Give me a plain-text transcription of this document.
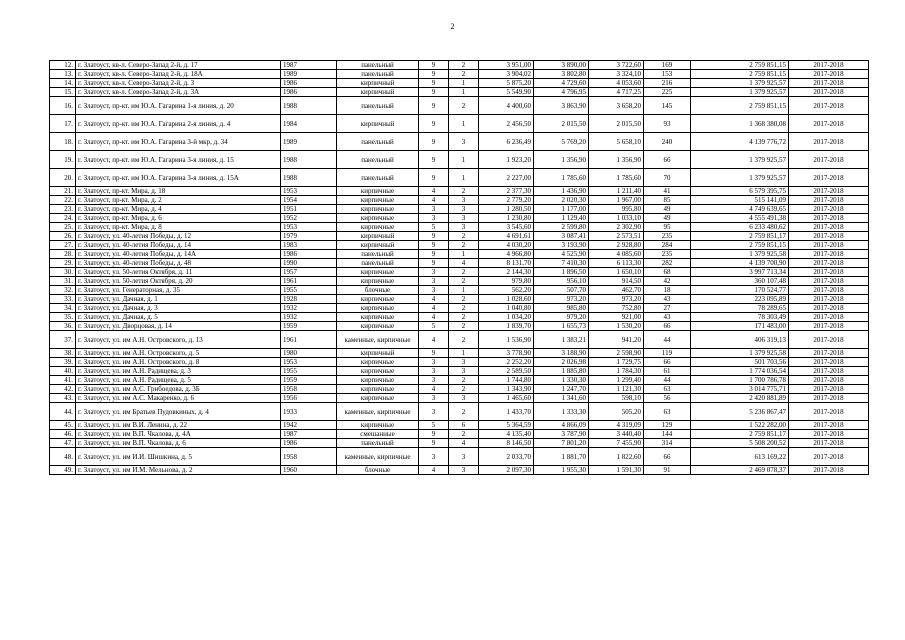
2
12.	г. Златоуст, кв-л. Северо-Запад 2-й, д. 17	1987	панельный	9	2	3 951,00	3 890,00	3 722,60	169	2 759 851,15	2017-2018
13.	г. Златоуст, кв-л. Северо-Запад 2-й, д. 18А	1989	панельный	9	2	3 904,02	3 802,80	3 324,10	153	2 759 851,15	2017-2018
14.	г. Златоуст, кв-л. Северо-Запад 2-й, д. 3	1986	кирпичный	9	1	5 875,20	4 729,60	4 053,60	216	1 379 925,57	2017-2018
15.	г. Златоуст, кв-л. Северо-Запад 2-й, д. 3А	1986	кирпичный	9	1	5 549,90	4 796,95	4 717,25	225	1 379 925,57	2017-2018
16.	г. Златоуст, пр-кт. им Ю.А. Гагарина 1-я линия, д. 20	1988	панельный	9	2	4 400,60	3 863,90	3 658,20	145	2 759 851,15	2017-2018
17.	г. Златоуст, пр-кт. им Ю.А. Гагарина 2-я линия, д. 4	1984	кирпичный	9	1	2 456,50	2 015,50	2 015,50	93	1 368 380,08	2017-2018
18.	г. Златоуст, пр-кт. им Ю.А. Гагарина 3-й мкр, д. 34	1989	панельный	9	3	6 236,49	5 769,20	5 658,10	240	4 139 776,72	2017-2018
19.	г. Златоуст, пр-кт. им Ю.А. Гагарина 3-я линия, д. 15	1988	панельный	9	1	1 923,20	1 356,90	1 356,90	66	1 379 925,57	2017-2018
20.	г. Златоуст, пр-кт. им Ю.А. Гагарина 3-я линия, д. 15А	1988	панельный	9	1	2 227,00	1 785,60	1 785,60	70	1 379 925,57	2017-2018
21.	г. Златоуст, пр-кт. Мира, д. 18	1953	кирпичные	4	2	2 377,30	1 436,90	1 211,40	41	6 579 395,75	2017-2018
22.	г. Златоуст, пр-кт. Мира, д. 2	1954	кирпичные	4	3	2 779,20	2 020,30	1 967,00	85	515 141,09	2017-2018
23.	г. Златоуст, пр-кт. Мира, д. 4	1951	кирпичные	3	3	1 280,50	1 177,00	995,80	49	4 749 639,65	2017-2018
24.	г. Златоуст, пр-кт. Мира, д. 6	1952	кирпичные	3	3	1 230,80	1 129,40	1 033,10	49	4 555 491,38	2017-2018
25.	г. Златоуст, пр-кт. Мира, д. 8	1953	кирпичные	5	3	3 545,60	2 599,80	2 302,90	95	6 233 480,62	2017-2018
26.	г. Златоуст, ул. 40-летия Победы, д. 12	1979	кирпичный	9	2	4 691,61	3 087,41	2 573,51	235	2 759 851,17	2017-2018
27.	г. Златоуст, ул. 40-летия Победы, д. 14	1983	кирпичный	9	2	4 030,20	3 193,90	2 928,80	284	2 759 851,15	2017-2018
28.	г. Златоуст, ул. 40-летия Победы, д. 14А	1986	панельный	9	1	4 966,80	4 525,90	4 085,60	235	1 379 925,58	2017-2018
29.	г. Златоуст, ул. 40-летия Победы, д. 48	1990	панельный	9	4	8 131,70	7 410,30	6 113,30	282	4 139 700,90	2017-2018
30.	г. Златоуст, ул. 50-летия Октября, д. 11	1957	кирпичные	3	2	2 144,30	1 896,50	1 650,10	68	3 997 713,34	2017-2018
31.	г. Златоуст, ул. 50-летия Октября, д. 20	1961	кирпичные	3	2	979,80	956,10	914,50	42	360 107,48	2017-2018
32.	г. Златоуст, ул. Генераторная, д. 35	1955	блочные	3	1	562,20	507,70	462,70	18	170 524,77	2017-2018
33.	г. Златоуст, ул. Дачная, д. 1	1928	кирпичные	4	2	1 028,60	973,20	973,20	43	223 095,89	2017-2018
34.	г. Златоуст, ул. Дачная, д. 3	1932	кирпичные	4	2	1 040,80	985,80	752,80	27	78 289,65	2017-2018
35.	г. Златоуст, ул. Дачная, д. 5	1932	кирпичные	4	2	1 034,20	979,20	921,00	43	78 303,49	2017-2018
36.	г. Златоуст, ул. Дворцовая, д. 14	1959	кирпичные	5	2	1 839,70	1 655,73	1 530,20	66	171 483,00	2017-2018
37.	г. Златоуст, ул. им А.Н. Островского, д. 13	1961	каменные, кирпичные	4	2	1 536,90	1 383,21	941,20	44	406 319,13	2017-2018
38.	г. Златоуст, ул. им А.Н. Островского, д. 5	1980	кирпичный	9	1	3 778,90	3 188,90	2 598,90	119	1 379 925,58	2017-2018
39.	г. Златоуст, ул. им А.Н. Островского, д. 8	1953	кирпичные	3	3	2 252,20	2 026,98	1 729,75	66	501 703,56	2017-2018
40.	г. Златоуст, ул. им А.Н. Радищева, д. 3	1955	кирпичные	3	3	2 589,50	1 885,80	1 784,30	61	1 774 036,54	2017-2018
41.	г. Златоуст, ул. им А.Н. Радищева, д. 5	1959	кирпичные	3	2	1 744,80	1 330,30	1 299,40	44	1 700 786,78	2017-2018
42.	г. Златоуст, ул. им А.С. Грибоедова, д. 3Б	1958	кирпичные	4	2	1 343,90	1 247,70	1 121,30	63	3 014 775,71	2017-2018
43.	г. Златоуст, ул. им А.С. Макаренко, д. 6	1956	кирпичные	3	3	1 465,60	1 341,60	598,10	56	2 420 881,89	2017-2018
44.	г. Златоуст, ул. им Братьев Пудовкиных, д. 4	1933	каменные, кирпичные	3	2	1 433,70	1 333,30	505,20	63	5 236 867,47	2017-2018
45.	г. Златоуст, ул. им В.И. Ленина, д. 22	1942	кирпичные	5	6	5 364,59	4 866,09	4 319,09	129	1 522 282,00	2017-2018
46.	г. Златоуст, ул. им В.П. Чкалова, д. 4А	1987	смешанные	9	2	4 135,40	3 787,90	3 440,40	144	2 759 851,17	2017-2018
47.	г. Златоуст, ул. им В.П. Чкалова, д. 6	1986	панельный	9	4	8 146,50	7 801,20	7 455,90	314	5 508 200,52	2017-2018
48.	г. Златоуст, ул. им И.И. Шишкина, д. 5	1958	каменные, кирпичные	3	3	2 033,70	1 881,70	1 822,60	66	613 169,22	2017-2018
49.	г. Златоуст, ул. им И.М. Мельнова, д. 2	1960	блочные	4	3	2 097,30	1 955,30	1 591,30	91	2 469 078,37	2017-2018
